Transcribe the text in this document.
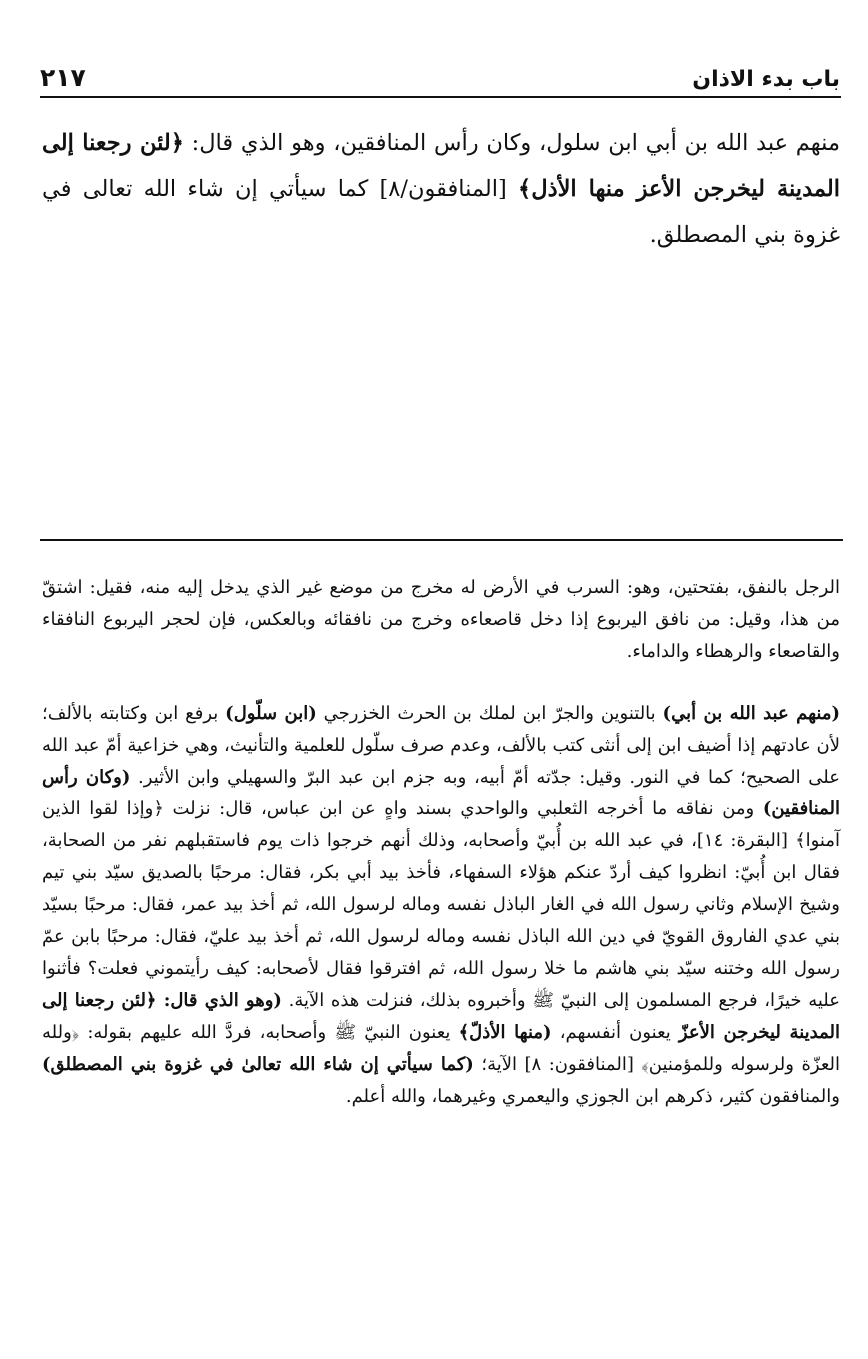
باب بدء الاذان
٢١٧

منهم عبد الله بن أبي ابن سلول، وكان رأس المنافقين، وهو الذي قال: ﴿لئن رجعنا إلى المدينة ليخرجن الأعز منها الأذل﴾ [المنافقون/٨] كما سيأتي إن شاء الله تعالى في غزوة بني المصطلق.

الرجل بالنفق، بفتحتين، وهو: السرب في الأرض له مخرج من موضع غير الذي يدخل إليه منه، فقيل: اشتقّ من هذا، وقيل: من نافق اليربوع إذا دخل قاصعاءه وخرج من نافقائه وبالعكس، فإن لحجر اليربوع النافقاء والقاصعاء والرهطاء والداماء.

(منهم عبد الله بن أبي) بالتنوين والجرّ ابن لملك بن الحرث الخزرجي (ابن سلّول) برفع ابن وكتابته بالألف؛ لأن عادتهم إذا أضيف ابن إلى أنثى كتب بالألف، وعدم صرف سلّول للعلمية والتأنيث، وهي خزاعية أمّ عبد الله على الصحيح؛ كما في النور. وقيل: جدّته أمّ أبيه، وبه جزم ابن عبد البرّ والسهيلي وابن الأثير. (وكان رأس المنافقين) ومن نفاقه ما أخرجه الثعلبي والواحدي بسند واهٍ عن ابن عباس، قال: نزلت ﴿وإذا لقوا الذين آمنوا﴾ [البقرة: ١٤]، في عبد الله بن أُبيّ وأصحابه، وذلك أنهم خرجوا ذات يوم فاستقبلهم نفر من الصحابة، فقال ابن أُبيّ: انظروا كيف أردّ عنكم هؤلاء السفهاء، فأخذ بيد أبي بكر، فقال: مرحبًا بالصديق سيّد بني تيم وشيخ الإسلام وثاني رسول الله في الغار الباذل نفسه وماله لرسول الله، ثم أخذ بيد عمر، فقال: مرحبًا بسيّد بني عدي الفاروق القويّ في دين الله الباذل نفسه وماله لرسول الله، ثم أخذ بيد عليّ، فقال: مرحبًا بابن عمّ رسول الله وختنه سيّد بني هاشم ما خلا رسول الله، ثم افترقوا فقال لأصحابه: كيف رأيتموني فعلت؟ فأثنوا عليه خيرًا، فرجع المسلمون إلى النبيّ ﷺ وأخبروه بذلك، فنزلت هذه الآية. (وهو الذي قال: ﴿لئن رجعنا إلى المدينة ليخرجن الأعزّ يعنون أنفسهم، (منها الأذلّ﴾ يعنون النبيّ ﷺ وأصحابه، فردَّ الله عليهم بقوله: ﴿ولله العزّة ولرسوله وللمؤمنين﴾ [المنافقون: ٨] الآية؛ (كما سيأتي إن شاء الله تعالىٰ في غزوة بني المصطلق) والمنافقون كثير، ذكرهم ابن الجوزي واليعمري وغيرهما، والله أعلم.
